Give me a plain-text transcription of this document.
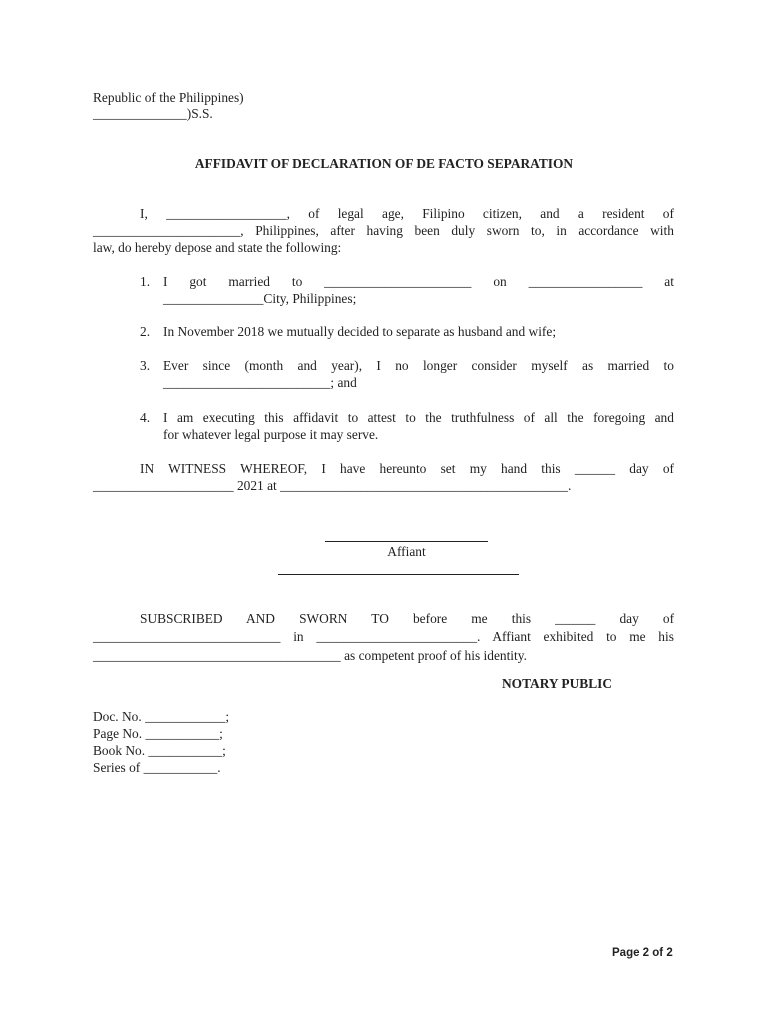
Republic of the Philippines)
______________)S.S.
AFFIDAVIT OF DECLARATION OF DE FACTO SEPARATION
I, __________________, of legal age, Filipino citizen, and a resident of
______________________, Philippines, after having been duly sworn to, in accordance with
law, do hereby depose and state the following:
1. I got married to ______________________ on _________________ at
_______________City, Philippines;
2. In November 2018 we mutually decided to separate as husband and wife;
3. Ever since (month and year), I no longer consider myself as married to
_________________________; and
4. I am executing this affidavit to attest to the truthfulness of all the foregoing and
for whatever legal purpose it may serve.
IN WITNESS WHEREOF, I have hereunto set my hand this ______ day of
_____________________ 2021 at ___________________________________________.
Affiant
SUBSCRIBED AND SWORN TO before me this ______ day of
____________________________ in ________________________. Affiant exhibited to me his
_____________________________________ as competent proof of his identity.
NOTARY PUBLIC
Doc. No. ____________;
Page No. ___________;
Book No. ___________;
Series of ___________.
Page 2 of 2
